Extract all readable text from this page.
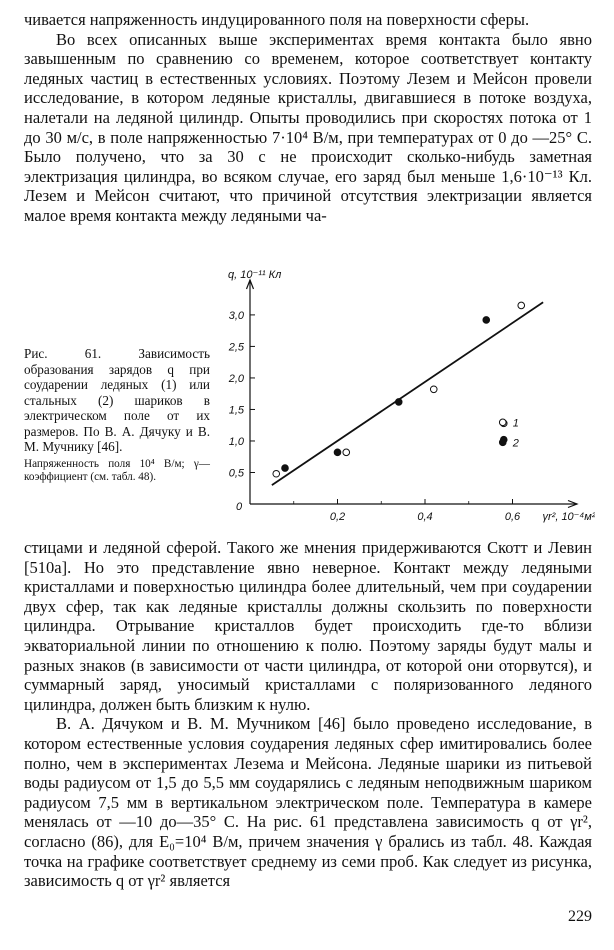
чивается напряженность индуцированного поля на поверхности сферы.

Во всех описанных выше экспериментах время контакта было явно завышенным по сравнению со временем, которое соответствует контакту ледяных частиц в естественных условиях. Поэтому Лезем и Мейсон провели исследование, в котором ледяные кристаллы, двигавшиеся в потоке воздуха, налетали на ледяной цилиндр. Опыты проводились при скоростях потока от 1 до 30 м/с, в поле напряженностью 7·10⁴ В/м, при температурах от 0 до —25° С. Было получено, что за 30 с не происходит сколько-нибудь заметная электризация цилиндра, во всяком случае, его заряд был меньше 1,6·10⁻¹³ Кл. Лезем и Мейсон считают, что причиной отсутствия электризации является малое время контакта между ледяными ча-

Рис. 61. Зависимость образования зарядов q при соударении ледяных (1) или стальных (2) шариков в электрическом поле от их размеров. По В. А. Дячуку и В. М. Мучнику [46].
Напряженность поля 10⁴ В/м; γ—коэффициент (см. табл. 48).	0,5
1,0
1,5
2,0
2,5
3,0
0,2	0,4	0,6
1
2
q, 10⁻¹¹ Кл
γr², 10⁻⁴м²
0

стицами и ледяной сферой. Такого же мнения придерживаются Скотт и Левин [510а]. Но это представление явно неверное. Контакт между ледяными кристаллами и поверхностью цилиндра более длительный, чем при соударении двух сфер, так как ледяные кристаллы должны скользить по поверхности цилиндра. Отрывание кристаллов будет происходить где-то вблизи экваториальной линии по отношению к полю. Поэтому заряды будут малы и разных знаков (в зависимости от части цилиндра, от которой они оторвутся), и суммарный заряд, уносимый кристаллами с поляризованного ледяного цилиндра, должен быть близким к нулю.

В. А. Дячуком и В. М. Мучником [46] было проведено исследование, в котором естественные условия соударения ледяных сфер имитировались более полно, чем в экспериментах Лезема и Мейсона. Ледяные шарики из питьевой воды радиусом от 1,5 до 5,5 мм соударялись с ледяным неподвижным шариком радиусом 7,5 мм в вертикальном электрическом поле. Температура в камере менялась от —10 до—35° С. На рис. 61 представлена зависимость q от γr², согласно (86), для E₀=10⁴ В/м, причем значения γ брались из табл. 48. Каждая точка на графике соответствует среднему из семи проб. Как следует из рисунка, зависимость q от γr² является

229
